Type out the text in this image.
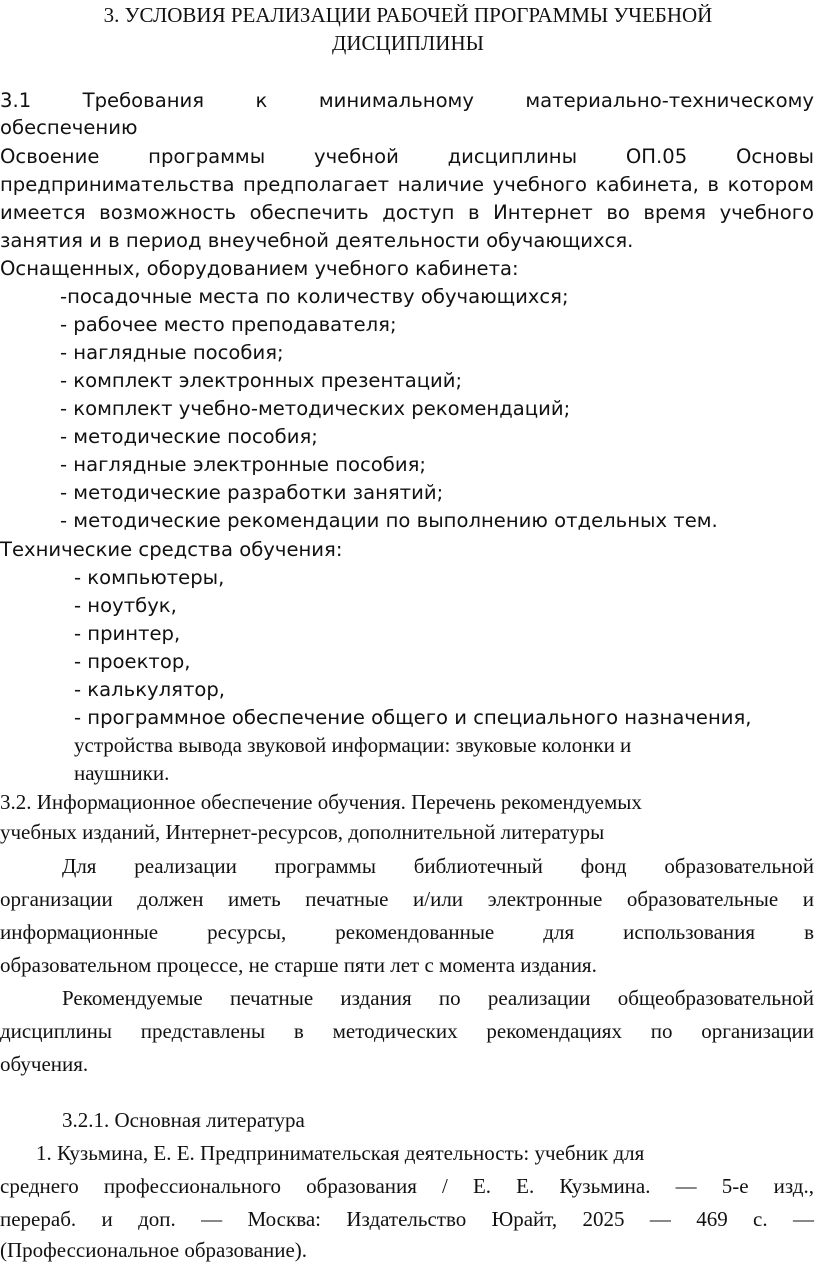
3. УСЛОВИЯ РЕАЛИЗАЦИИ РАБОЧЕЙ ПРОГРАММЫ УЧЕБНОЙ
ДИСЦИПЛИНЫ
3.1 Требования к минимальному материально-техническому
обеспечению
Освоение программы учебной дисциплины ОП.05 Основы
предпринимательства предполагает наличие учебного кабинета, в котором
имеется возможность обеспечить доступ в Интернет во время учебного
занятия и в период внеучебной деятельности обучающихся.
Оснащенных, оборудованием учебного кабинета:
-посадочные места по количеству обучающихся;
- рабочее место преподавателя;
- наглядные пособия;
- комплект электронных презентаций;
- комплект учебно-методических рекомендаций;
- методические пособия;
- наглядные электронные пособия;
- методические разработки занятий;
- методические рекомендации по выполнению отдельных тем.
Технические средства обучения:
- компьютеры,
- ноутбук,
- принтер,
- проектор,
- калькулятор,
- программное обеспечение общего и специального назначения,
устройства вывода звуковой информации: звуковые колонки и
наушники.
3.2. Информационное обеспечение обучения. Перечень рекомендуемых
учебных изданий, Интернет-ресурсов, дополнительной литературы
Для реализации программы библиотечный фонд образовательной
организации должен иметь печатные и/или электронные образовательные и
информационные ресурсы, рекомендованные для использования в
образовательном процессе, не старше пяти лет с момента издания.
Рекомендуемые печатные издания по реализации общеобразовательной
дисциплины представлены в методических рекомендациях по организации
обучения.
3.2.1. Основная литература
1. Кузьмина, Е. Е. Предпринимательская деятельность: учебник для
среднего профессионального образования / Е. Е. Кузьмина. — 5-е изд.,
перераб. и доп. — Москва: Издательство Юрайт, 2025 — 469 с. —
(Профессиональное образование).
